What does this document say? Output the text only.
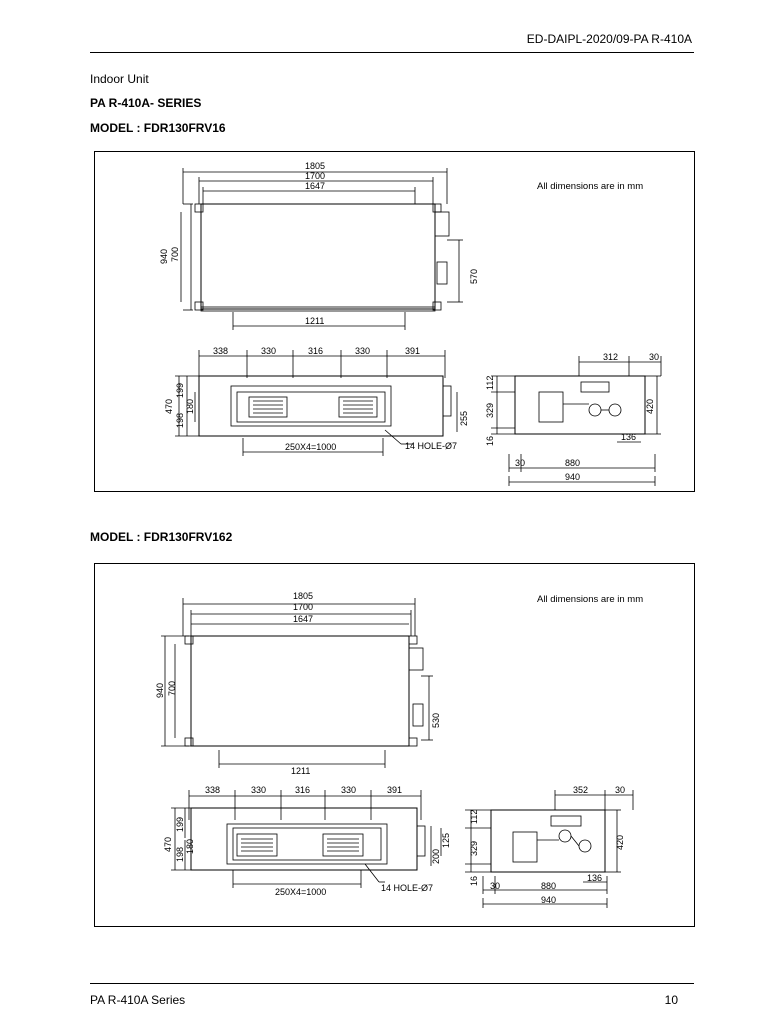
ED-DAIPL-2020/09-PA R-410A
Indoor Unit
PA R-410A- SERIES
MODEL : FDR130FRV16
All dimensions are in mm
1805
1700
1647
940 700
570
1211
338	330	316	330	391
470
199
198
180
255
250X4=1000	14 HOLE-Ø7
312	30
112
329
16
420
136
30	880
940
MODEL : FDR130FRV162
All dimensions are in mm
1805
1700
1647
940 700
530
1211
338	330	316	330	391
470
199
198
180
200
125
250X4=1000	14 HOLE-Ø7
352	30
112
329
16
420
136
30	880
940
PA R-410A Series	10
